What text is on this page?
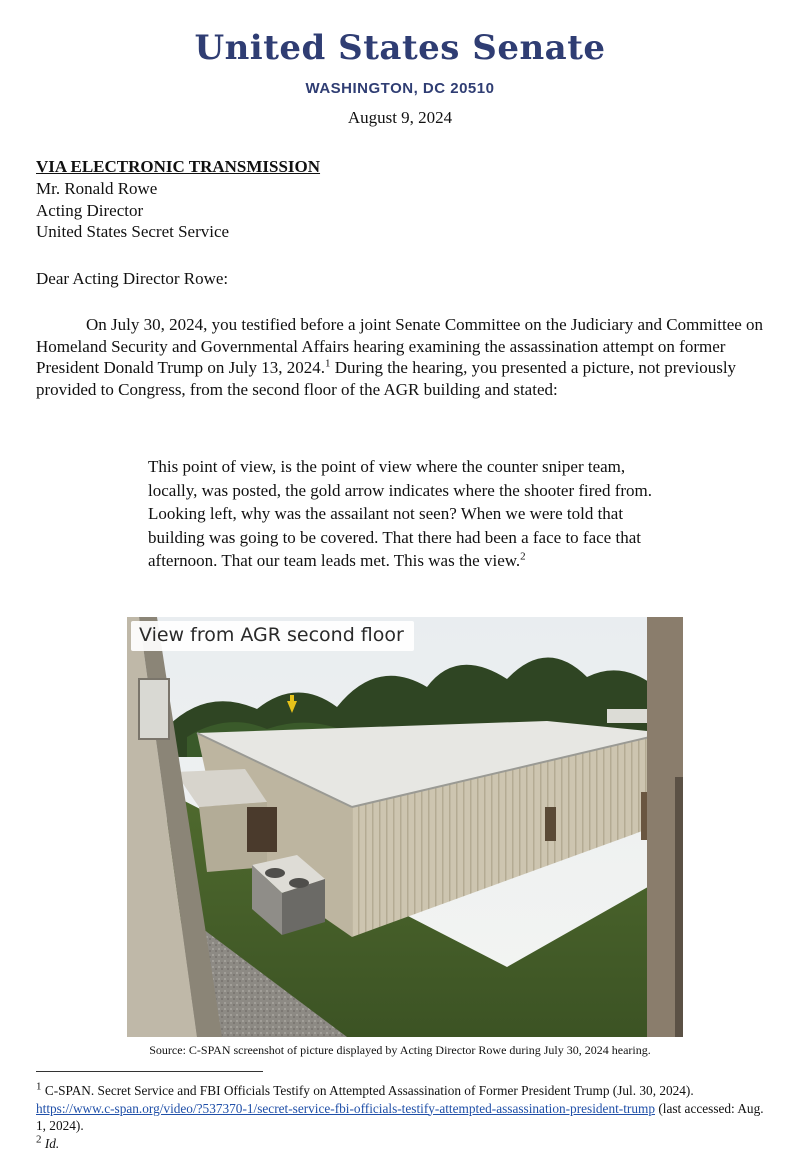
United States Senate
WASHINGTON, DC 20510
August 9, 2024
VIA ELECTRONIC TRANSMISSION
Mr. Ronald Rowe
Acting Director
United States Secret Service
Dear Acting Director Rowe:
On July 30, 2024, you testified before a joint Senate Committee on the Judiciary and Committee on Homeland Security and Governmental Affairs hearing examining the assassination attempt on former President Donald Trump on July 13, 2024.$^1$ During the hearing, you presented a picture, not previously provided to Congress, from the second floor of the AGR building and stated:
This point of view, is the point of view where the counter sniper team, locally, was posted, the gold arrow indicates where the shooter fired from. Looking left, why was the assailant not seen? When we were told that building was going to be covered. That there had been a face to face that afternoon. That our team leads met. This was the view.$^2$
View from AGR second floor
Source: C-SPAN screenshot of picture displayed by Acting Director Rowe during July 30, 2024 hearing.
$^1$ C-SPAN. Secret Service and FBI Officials Testify on Attempted Assassination of Former President Trump (Jul. 30, 2024). https://www.c-span.org/video/?537370-1/secret-service-fbi-officials-testify-attempted-assassination-president-trump (last accessed: Aug. 1, 2024).
$^2$ Id.
